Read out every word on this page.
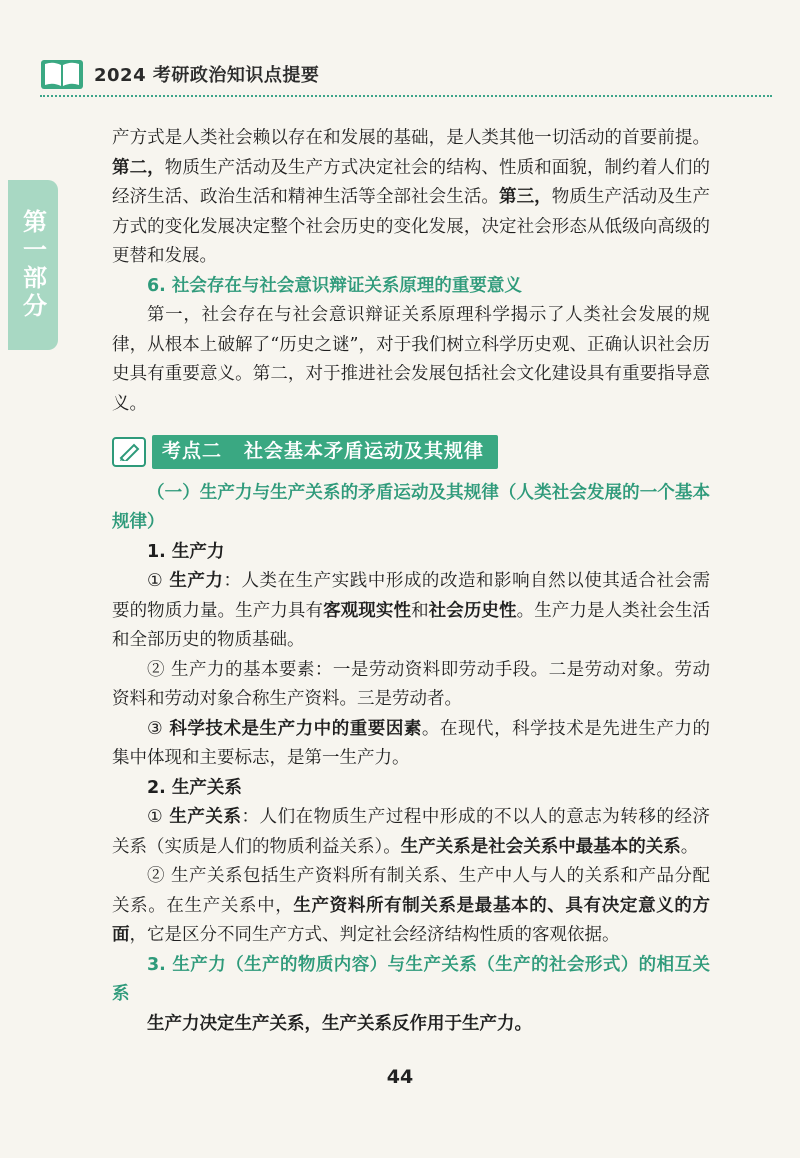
2024 考研政治知识点提要
第一部分

产方式是人类社会赖以存在和发展的基础，是人类其他一切活动的首要前提。第二，物质生产活动及生产方式决定社会的结构、性质和面貌，制约着人们的经济生活、政治生活和精神生活等全部社会生活。第三，物质生产活动及生产方式的变化发展决定整个社会历史的变化发展，决定社会形态从低级向高级的更替和发展。

6. 社会存在与社会意识辩证关系原理的重要意义

第一，社会存在与社会意识辩证关系原理科学揭示了人类社会发展的规律，从根本上破解了“历史之谜”，对于我们树立科学历史观、正确认识社会历史具有重要意义。第二，对于推进社会发展包括社会文化建设具有重要指导意义。

考点二 社会基本矛盾运动及其规律

（一）生产力与生产关系的矛盾运动及其规律（人类社会发展的一个基本规律）

1. 生产力

① 生产力：人类在生产实践中形成的改造和影响自然以使其适合社会需要的物质力量。生产力具有客观现实性和社会历史性。生产力是人类社会生活和全部历史的物质基础。

② 生产力的基本要素：一是劳动资料即劳动手段。二是劳动对象。劳动资料和劳动对象合称生产资料。三是劳动者。

③ 科学技术是生产力中的重要因素。在现代，科学技术是先进生产力的集中体现和主要标志，是第一生产力。

2. 生产关系

① 生产关系：人们在物质生产过程中形成的不以人的意志为转移的经济关系（实质是人们的物质利益关系）。生产关系是社会关系中最基本的关系。

② 生产关系包括生产资料所有制关系、生产中人与人的关系和产品分配关系。在生产关系中，生产资料所有制关系是最基本的、具有决定意义的方面，它是区分不同生产方式、判定社会经济结构性质的客观依据。

3. 生产力（生产的物质内容）与生产关系（生产的社会形式）的相互关系

生产力决定生产关系，生产关系反作用于生产力。

44
